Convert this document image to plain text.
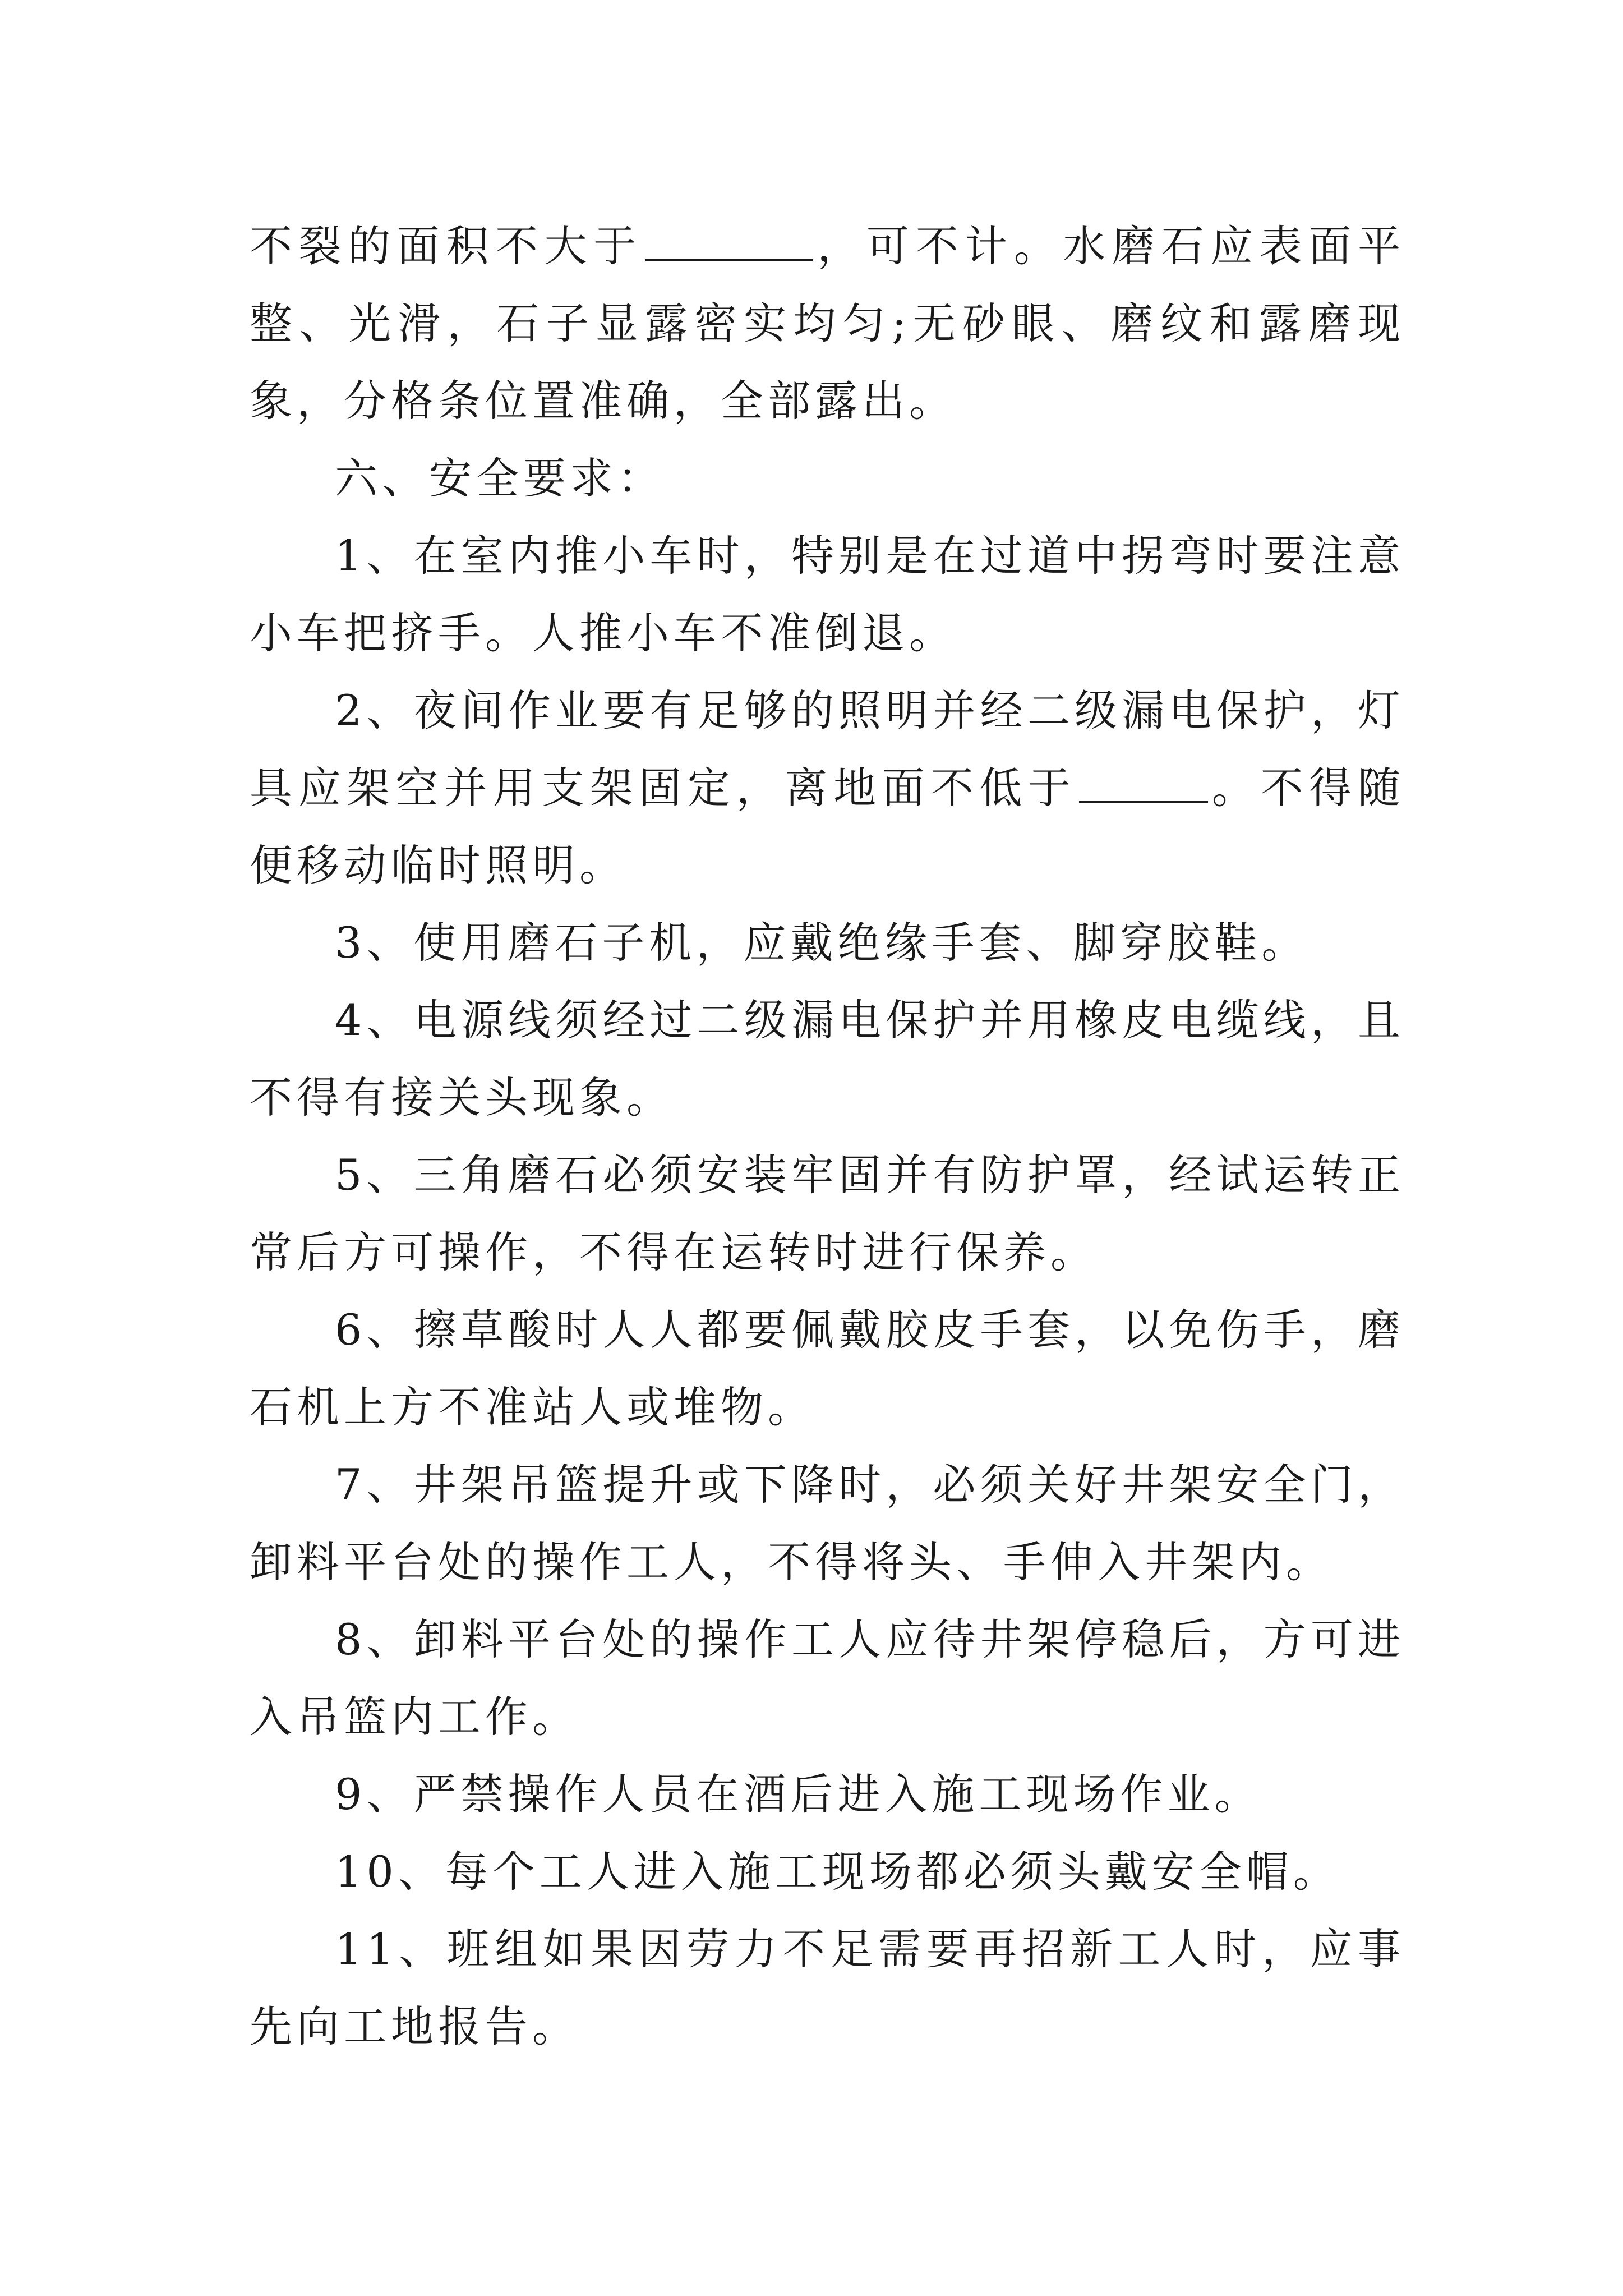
不裂的面积不大于	，可不计。水磨石应表面平整、光滑，石子显露密实均匀;无砂眼、磨纹和露磨现象，分格条位置准确，全部露出。

六、安全要求：

1、在室内推小车时，特别是在过道中拐弯时要注意小车把挤手。人推小车不准倒退。

2、夜间作业要有足够的照明并经二级漏电保护，灯具应架空并用支架固定，离地面不低于	。不得随便移动临时照明。

3、使用磨石子机，应戴绝缘手套、脚穿胶鞋。

4、电源线须经过二级漏电保护并用橡皮电缆线，且不得有接关头现象。

5、三角磨石必须安装牢固并有防护罩，经试运转正常后方可操作，不得在运转时进行保养。

6、擦草酸时人人都要佩戴胶皮手套，以免伤手，磨石机上方不准站人或堆物。

7、井架吊篮提升或下降时，必须关好井架安全门，卸料平台处的操作工人，不得将头、手伸入井架内。

8、卸料平台处的操作工人应待井架停稳后，方可进入吊篮内工作。

9、严禁操作人员在酒后进入施工现场作业。

10、每个工人进入施工现场都必须头戴安全帽。

11、班组如果因劳力不足需要再招新工人时，应事先向工地报告。
